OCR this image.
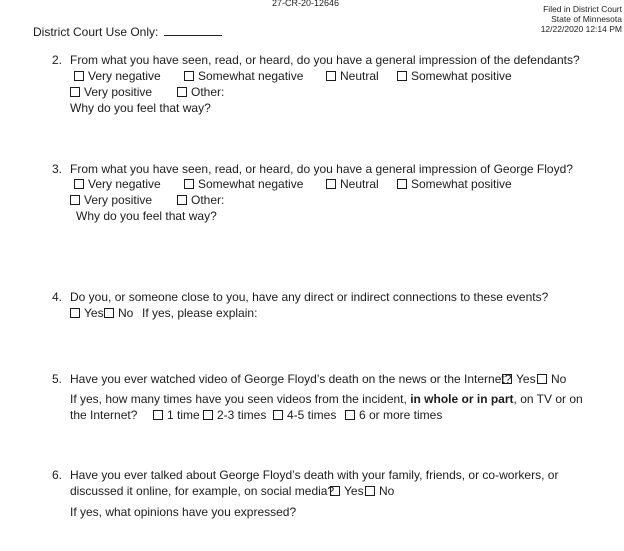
27-CR-20-12646
Filed in District Court
State of Minnesota
12/22/2020 12:14 PM
District Court Use Only:
2. From what you have seen, read, or heard, do you have a general impression of the defendants?
Very negative	Somewhat negative	Neutral	Somewhat positive
Very positive	Other:
Why do you feel that way?
3. From what you have seen, read, or heard, do you have a general impression of George Floyd?
Very negative	Somewhat negative	Neutral	Somewhat positive
Very positive	Other:
Why do you feel that way?
4. Do you, or someone close to you, have any direct or indirect connections to these events?
Yes	No If yes, please explain:
5. Have you ever watched video of George Floyd’s death on the news or the Internet? Yes	No
If yes, how many times have you seen videos from the incident, in whole or in part, on TV or on
the Internet?	1 time	2-3 times	4-5 times	6 or more times
6. Have you ever talked about George Floyd’s death with your family, friends, or co-workers, or
discussed it online, for example, on social media? Yes	No
If yes, what opinions have you expressed?
